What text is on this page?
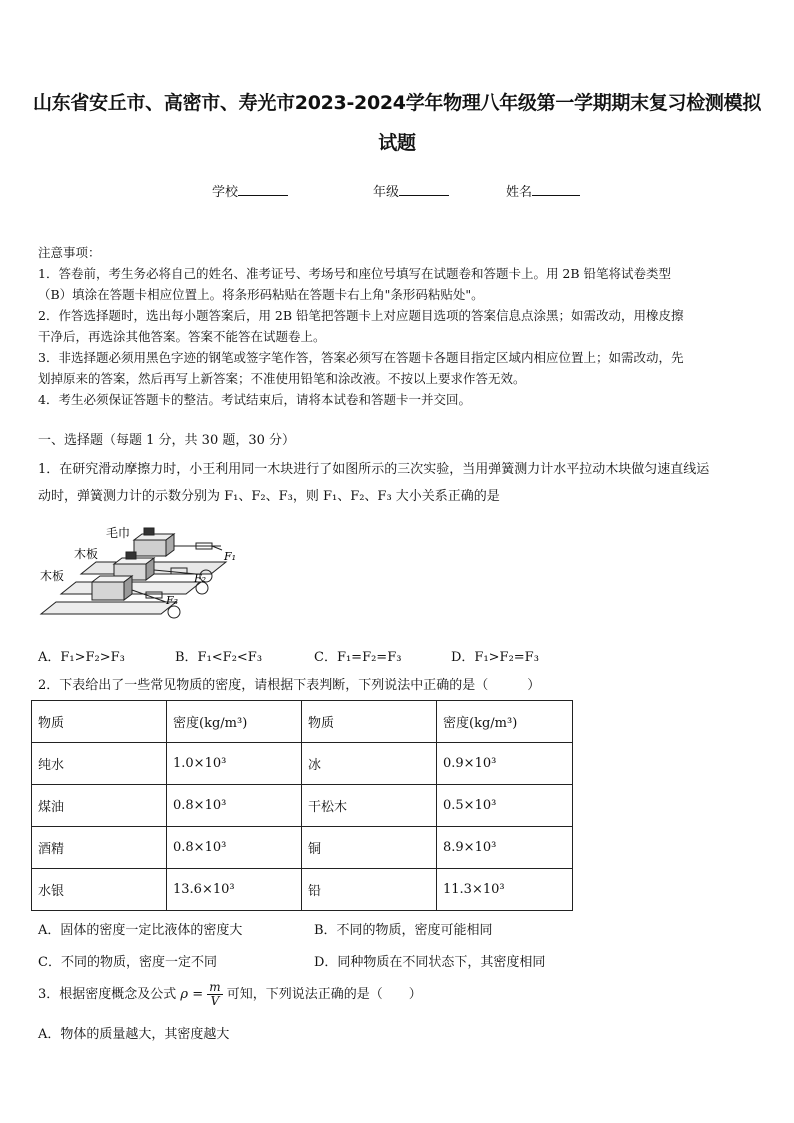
山东省安丘市、高密市、寿光市2023-2024学年物理八年级第一学期期末复习检测模拟
试题
学校	年级	姓名
注意事项：
1．答卷前，考生务必将自己的姓名、准考证号、考场号和座位号填写在试题卷和答题卡上。用 2B 铅笔将试卷类型
（B）填涂在答题卡相应位置上。将条形码粘贴在答题卡右上角"条形码粘贴处"。
2．作答选择题时，选出每小题答案后，用 2B 铅笔把答题卡上对应题目选项的答案信息点涂黑；如需改动，用橡皮擦
干净后，再选涂其他答案。答案不能答在试题卷上。
3．非选择题必须用黑色字迹的钢笔或签字笔作答，答案必须写在答题卡各题目指定区域内相应位置上；如需改动，先
划掉原来的答案，然后再写上新答案；不准使用铅笔和涂改液。不按以上要求作答无效。
4．考生必须保证答题卡的整洁。考试结束后，请将本试卷和答题卡一并交回。
一、选择题（每题 1 分，共 30 题，30 分）
1．在研究滑动摩擦力时，小王利用同一木块进行了如图所示的三次实验，当用弹簧测力计水平拉动木块做匀速直线运
动时，弹簧测力计的示数分别为 F₁、F₂、F₃，则 F₁、F₂、F₃ 大小关系正确的是
毛巾
木板
木板
F₁
F₂
F₃
A．F₁>F₂>F₃	B．F₁<F₂<F₃	C．F₁=F₂=F₃	D．F₁>F₂=F₃
2．下表给出了一些常见物质的密度，请根据下表判断，下列说法中正确的是（　　　）
物质	密度(kg/m³)	物质	密度(kg/m³)
纯水	1.0×10³	冰	0.9×10³
煤油	0.8×10³	干松木	0.5×10³
酒精	0.8×10³	铜	8.9×10³
水银	13.6×10³	铅	11.3×10³
A．固体的密度一定比液体的密度大	B．不同的物质，密度可能相同
C．不同的物质，密度一定不同	D．同种物质在不同状态下，其密度相同
3．根据密度概念及公式 $\rho = \frac{m}{V}$ 可知，下列说法正确的是（　　）
A．物体的质量越大，其密度越大
